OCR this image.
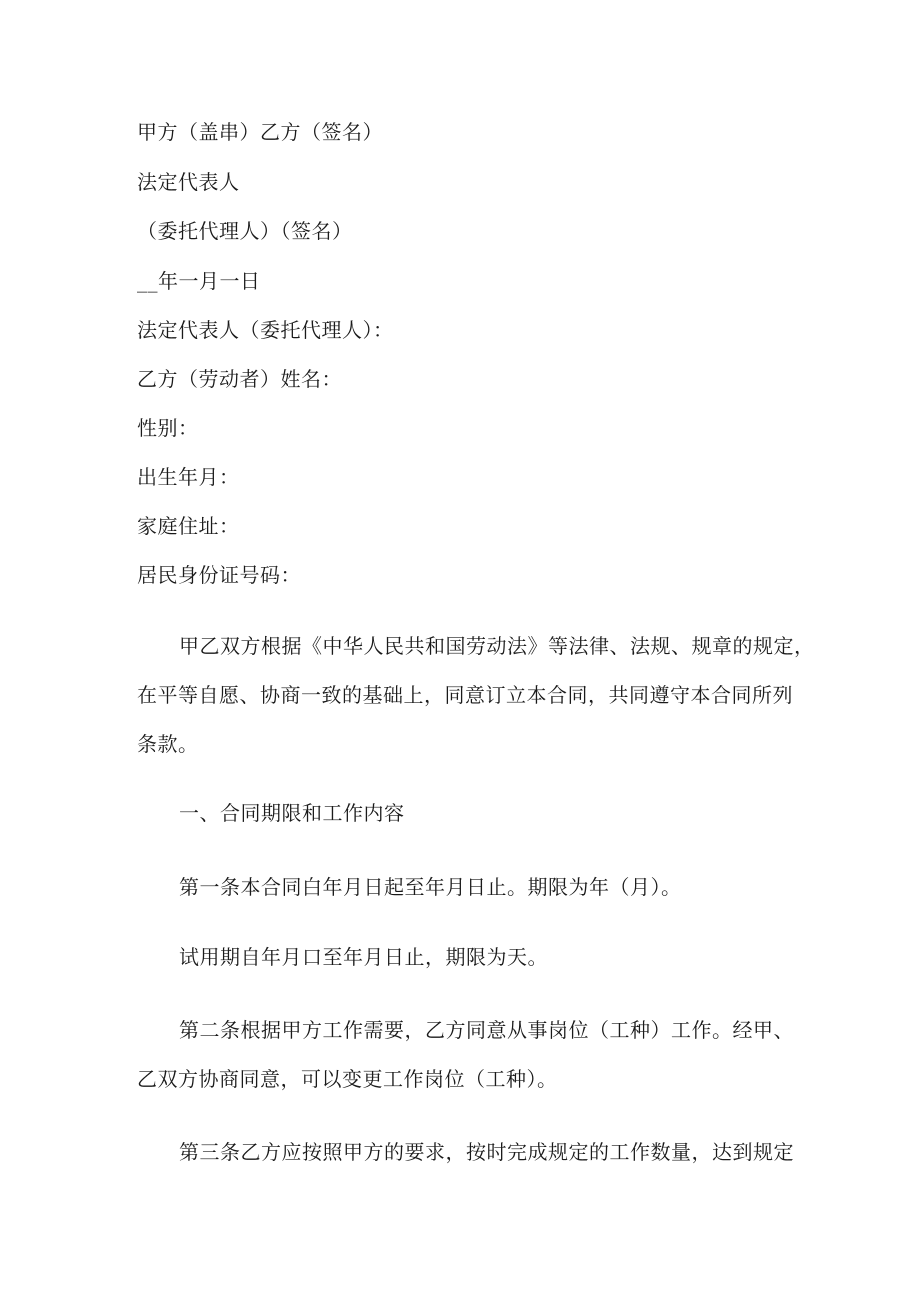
甲方（盖串）乙方（签名）
法定代表人
（委托代理人）（签名）
__年一月一日
法定代表人（委托代理人）：
乙方（劳动者）姓名：
性别：
出生年月：
家庭住址：
居民身份证号码：
甲乙双方根据《中华人民共和国劳动法》等法律、法规、规章的规定，
在平等自愿、协商一致的基础上，同意订立本合同，共同遵守本合同所列
条款。
一、合同期限和工作内容
第一条本合同白年月日起至年月日止。期限为年（月）。
试用期自年月口至年月日止，期限为天。
第二条根据甲方工作需要，乙方同意从事岗位（工种）工作。经甲、
乙双方协商同意，可以变更工作岗位（工种）。
第三条乙方应按照甲方的要求，按时完成规定的工作数量，达到规定
